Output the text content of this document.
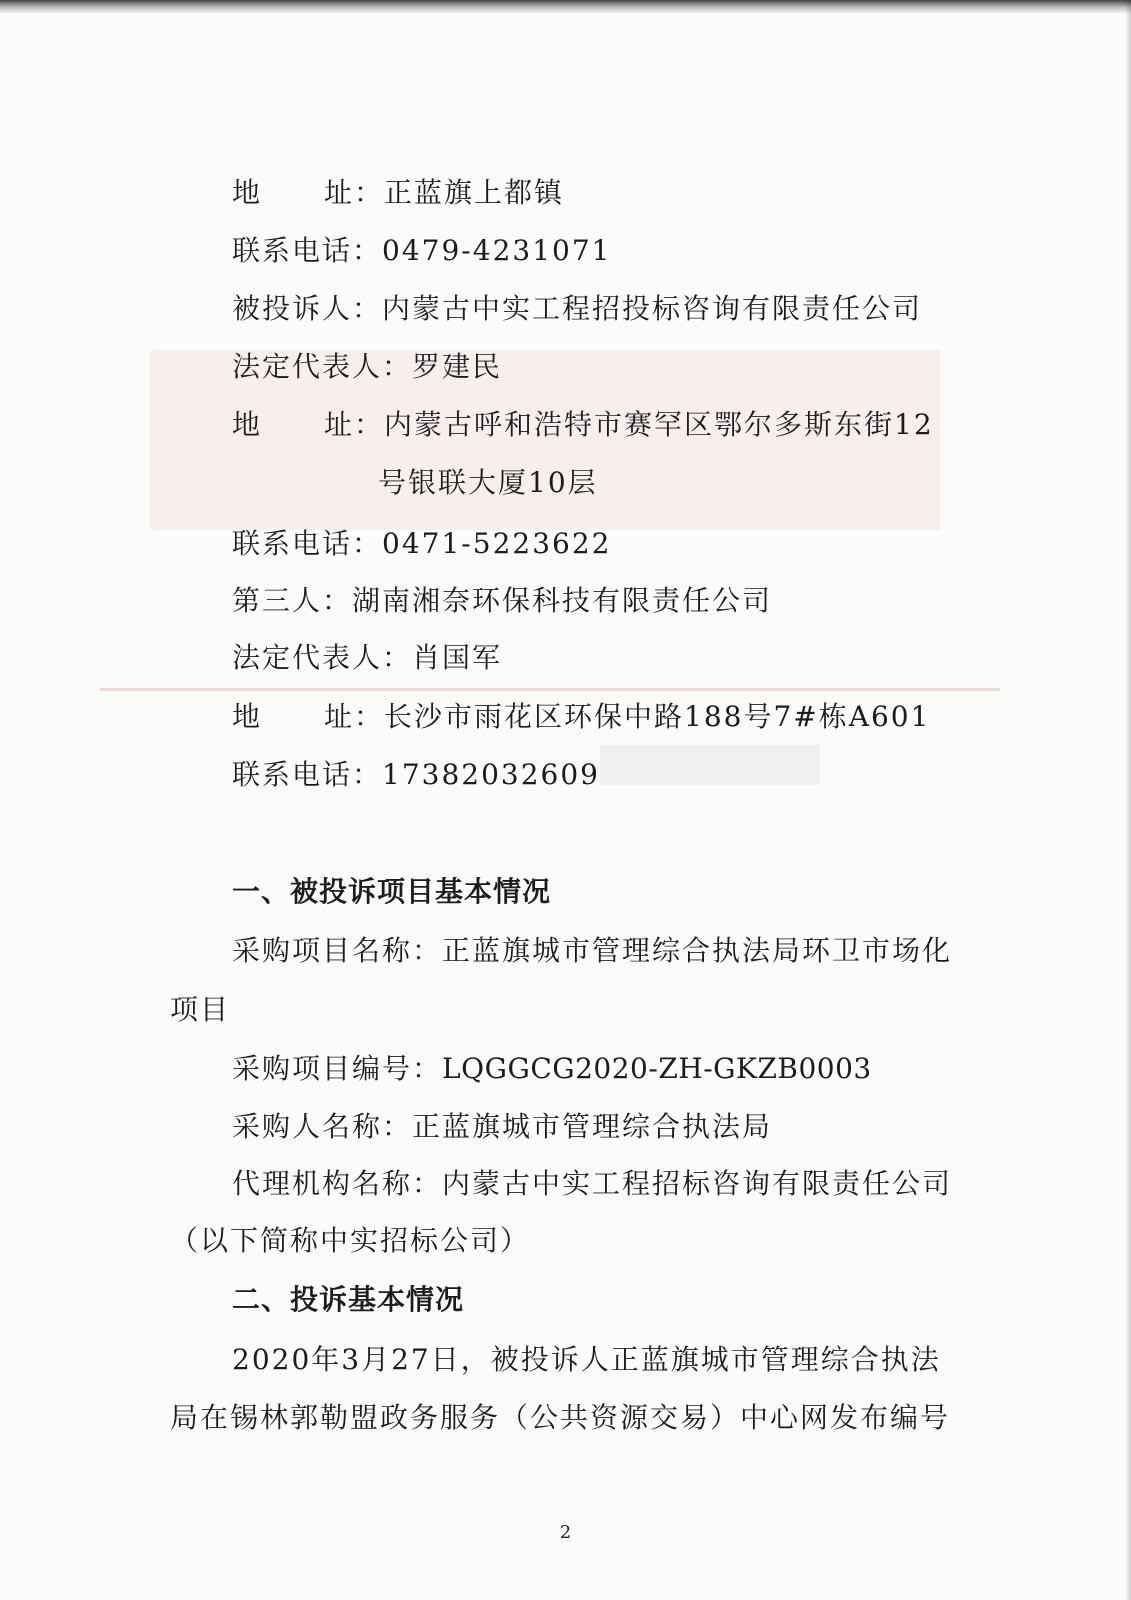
地 址：正蓝旗上都镇
联系电话：0479-4231071
被投诉人：内蒙古中实工程招投标咨询有限责任公司
法定代表人：罗建民
地 址：内蒙古呼和浩特市赛罕区鄂尔多斯东街12
号银联大厦10层
联系电话：0471-5223622
第三人：湖南湘奈环保科技有限责任公司
法定代表人：肖国军
地 址：长沙市雨花区环保中路188号7#栋A601
联系电话：17382032609
一、被投诉项目基本情况
采购项目名称：正蓝旗城市管理综合执法局环卫市场化
项目
采购项目编号：LQGGCG2020-ZH-GKZB0003
采购人名称：正蓝旗城市管理综合执法局
代理机构名称：内蒙古中实工程招标咨询有限责任公司
（以下简称中实招标公司）
二、投诉基本情况
2020年3月27日，被投诉人正蓝旗城市管理综合执法
局在锡林郭勒盟政务服务（公共资源交易）中心网发布编号
2
